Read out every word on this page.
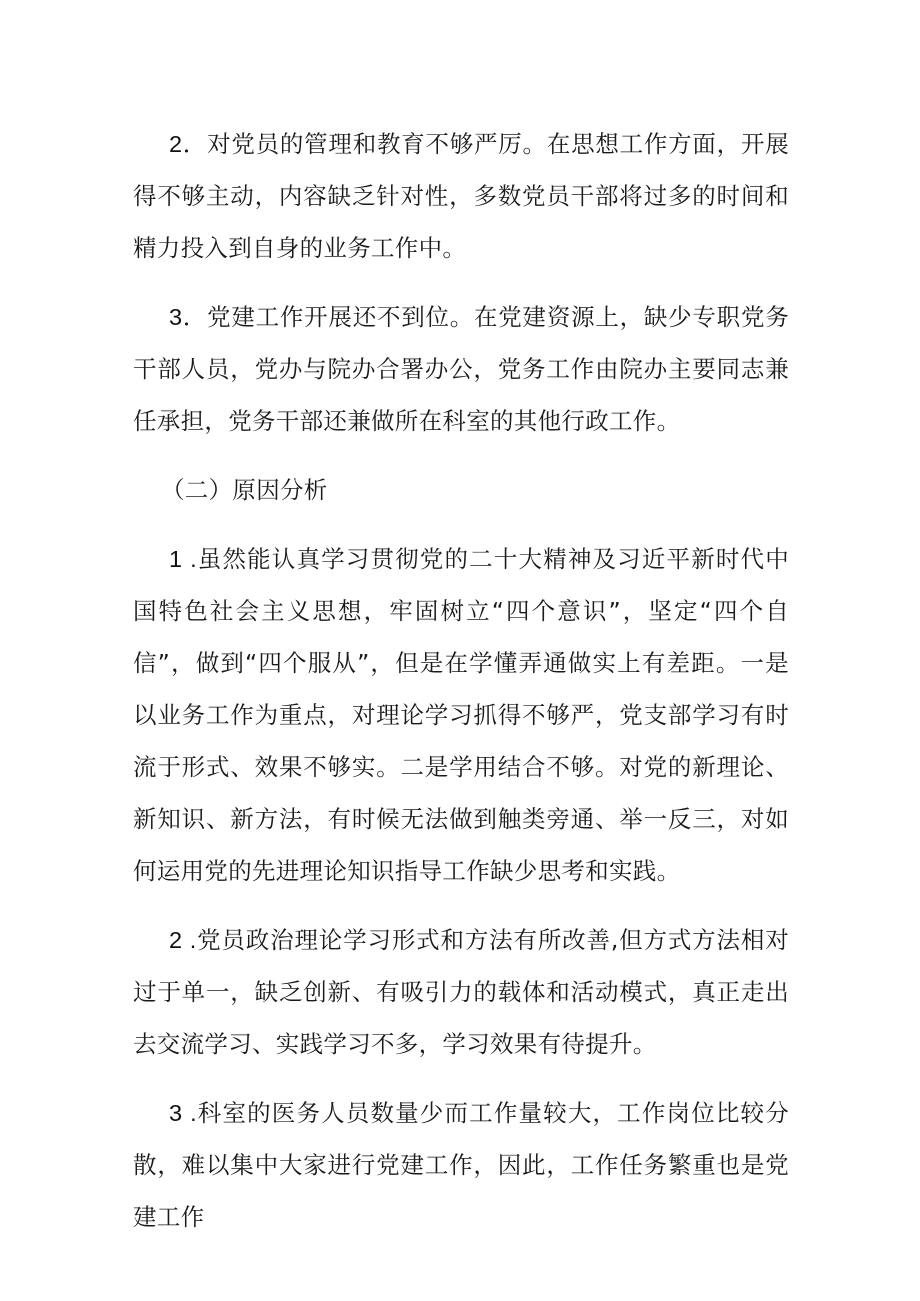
2．对党员的管理和教育不够严厉。在思想工作方面，开展得不够主动，内容缺乏针对性，多数党员干部将过多的时间和精力投入到自身的业务工作中。

3．党建工作开展还不到位。在党建资源上，缺少专职党务干部人员，党办与院办合署办公，党务工作由院办主要同志兼任承担，党务干部还兼做所在科室的其他行政工作。

（二）原因分析

1 .虽然能认真学习贯彻党的二十大精神及习近平新时代中国特色社会主义思想，牢固树立“四个意识”，坚定“四个自信”，做到“四个服从”，但是在学懂弄通做实上有差距。一是以业务工作为重点，对理论学习抓得不够严，党支部学习有时流于形式、效果不够实。二是学用结合不够。对党的新理论、新知识、新方法，有时候无法做到触类旁通、举一反三，对如何运用党的先进理论知识指导工作缺少思考和实践。

2 .党员政治理论学习形式和方法有所改善,但方式方法相对过于单一，缺乏创新、有吸引力的载体和活动模式，真正走出去交流学习、实践学习不多，学习效果有待提升。

3 .科室的医务人员数量少而工作量较大，工作岗位比较分散，难以集中大家进行党建工作，因此，工作任务繁重也是党建工作
